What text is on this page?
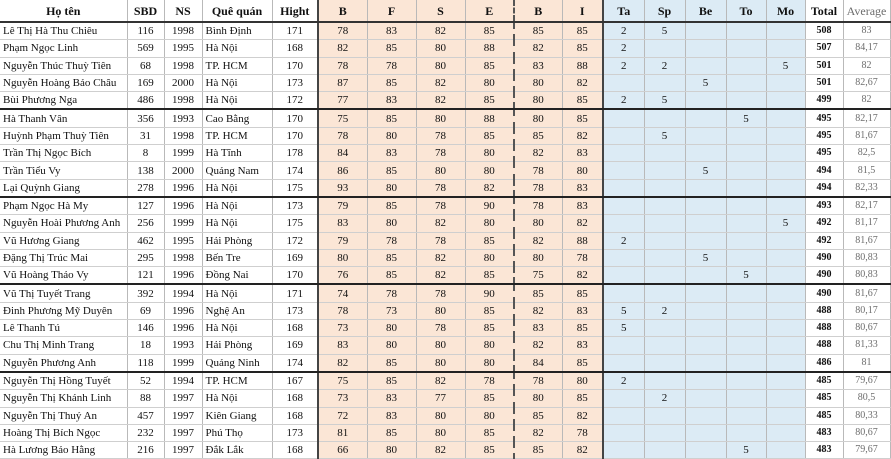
Họ tên	SBD	NS	Quê quán	Hight	B	F	S	E	B	I	Ta	Sp	Be	To	Mo	Total	Average
Lê Thị Hà Thu Chiêu	116	1998	Bình Định	171	78	83	82	85	85	85	2	5				508	83
Phạm Ngọc Linh	569	1995	Hà Nội	168	82	85	80	88	82	85	2					507	84,17
Nguyễn Thúc Thuỳ Tiên	68	1998	TP. HCM	170	78	78	80	85	83	88	2	2			5	501	82
Nguyễn Hoàng Bảo Châu	169	2000	Hà Nội	173	87	85	82	80	80	82			5			501	82,67
Bùi Phương Nga	486	1998	Hà Nội	172	77	83	82	85	80	85	2	5				499	82
Hà Thanh Vân	356	1993	Cao Bằng	170	75	85	80	88	80	85				5		495	82,17
Huỳnh Phạm Thuỳ Tiên	31	1998	TP. HCM	170	78	80	78	85	85	82		5				495	81,67
Trần Thị Ngọc Bích	8	1999	Hà Tĩnh	178	84	83	78	80	82	83						495	82,5
Trần Tiểu Vy	138	2000	Quảng Nam	174	86	85	80	80	78	80			5			494	81,5
Lại Quỳnh Giang	278	1996	Hà Nội	175	93	80	78	82	78	83						494	82,33
Phạm Ngọc Hà My	127	1996	Hà Nội	173	79	85	78	90	78	83						493	82,17
Nguyễn Hoài Phương Anh	256	1999	Hà Nội	175	83	80	82	80	80	82					5	492	81,17
Vũ Hương Giang	462	1995	Hải Phòng	172	79	78	78	85	82	88	2					492	81,67
Đặng Thị Trúc Mai	295	1998	Bến Tre	169	80	85	82	80	80	78			5			490	80,83
Vũ Hoàng Thảo Vy	121	1996	Đồng Nai	170	76	85	82	85	75	82				5		490	80,83
Vũ Thị Tuyết Trang	392	1994	Hà Nội	171	74	78	78	90	85	85						490	81,67
Đinh Phương Mỹ Duyên	69	1996	Nghệ An	173	78	73	80	85	82	83	5	2				488	80,17
Lê Thanh Tú	146	1996	Hà Nội	168	73	80	78	85	83	85	5					488	80,67
Chu Thị Minh Trang	18	1993	Hải Phòng	169	83	80	80	80	82	83						488	81,33
Nguyễn Phương Anh	118	1999	Quảng Ninh	174	82	85	80	80	84	85						486	81
Nguyễn Thị Hồng Tuyết	52	1994	TP. HCM	167	75	85	82	78	78	80	2					485	79,67
Nguyễn Thị Khánh Linh	88	1997	Hà Nội	168	73	83	77	85	80	85		2				485	80,5
Nguyễn Thị Thuý An	457	1997	Kiên Giang	168	72	83	80	80	85	82						485	80,33
Hoàng Thị Bích Ngọc	232	1997	Phú Thọ	173	81	85	80	85	82	78						483	80,67
Hà Lương Bảo Hằng	216	1997	Đắk Lắk	168	66	80	82	85	85	82				5		483	79,67
